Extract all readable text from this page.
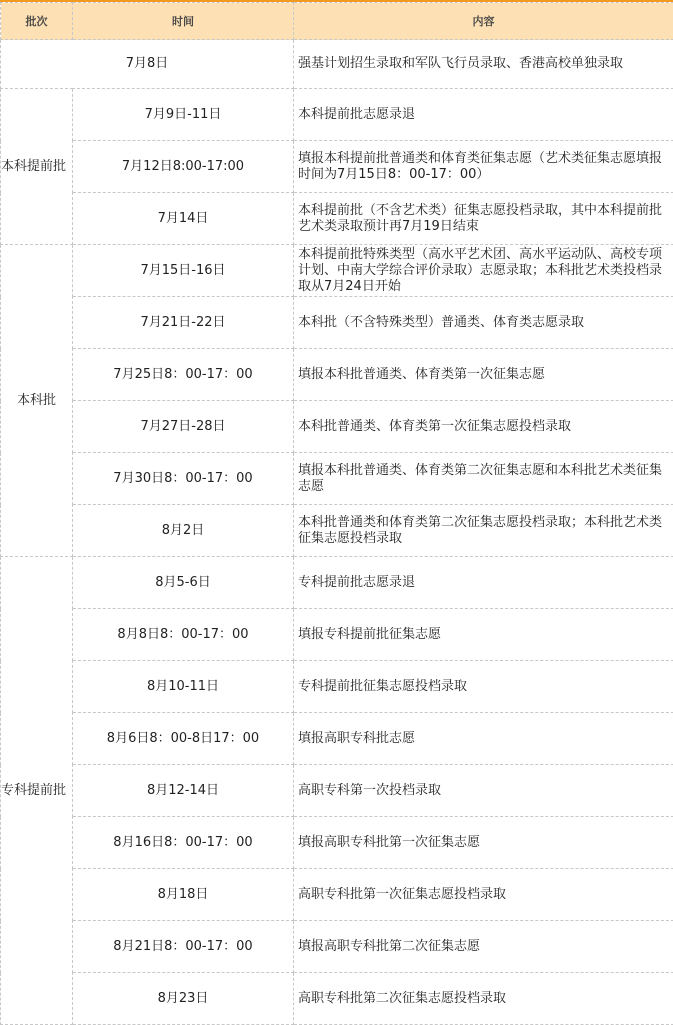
批次	时间	内容
7月8日		强基计划招生录取和军队飞行员录取、香港高校单独录取
本科提前批	7月9日-11日	本科提前批志愿录退
	7月12日8:00-17:00	填报本科提前批普通类和体育类征集志愿（艺术类征集志愿填报时间为7月15日8：00-17：00）
	7月14日	本科提前批（不含艺术类）征集志愿投档录取，其中本科提前批艺术类录取预计再7月19日结束
本科批	7月15日-16日	本科提前批特殊类型（高水平艺术团、高水平运动队、高校专项计划、中南大学综合评价录取）志愿录取；本科批艺术类投档录取从7月24日开始
	7月21日-22日	本科批（不含特殊类型）普通类、体育类志愿录取
	7月25日8：00-17：00	填报本科批普通类、体育类第一次征集志愿
	7月27日-28日	本科批普通类、体育类第一次征集志愿投档录取
	7月30日8：00-17：00	填报本科批普通类、体育类第二次征集志愿和本科批艺术类征集志愿
	8月2日	本科批普通类和体育类第二次征集志愿投档录取；本科批艺术类征集志愿投档录取
专科提前批	8月5-6日	专科提前批志愿录退
	8月8日8：00-17：00	填报专科提前批征集志愿
	8月10-11日	专科提前批征集志愿投档录取
	8月6日8：00-8日17：00	填报高职专科批志愿
	8月12-14日	高职专科第一次投档录取
	8月16日8：00-17：00	填报高职专科批第一次征集志愿
	8月18日	高职专科批第一次征集志愿投档录取
	8月21日8：00-17：00	填报高职专科批第二次征集志愿
	8月23日	高职专科批第二次征集志愿投档录取
